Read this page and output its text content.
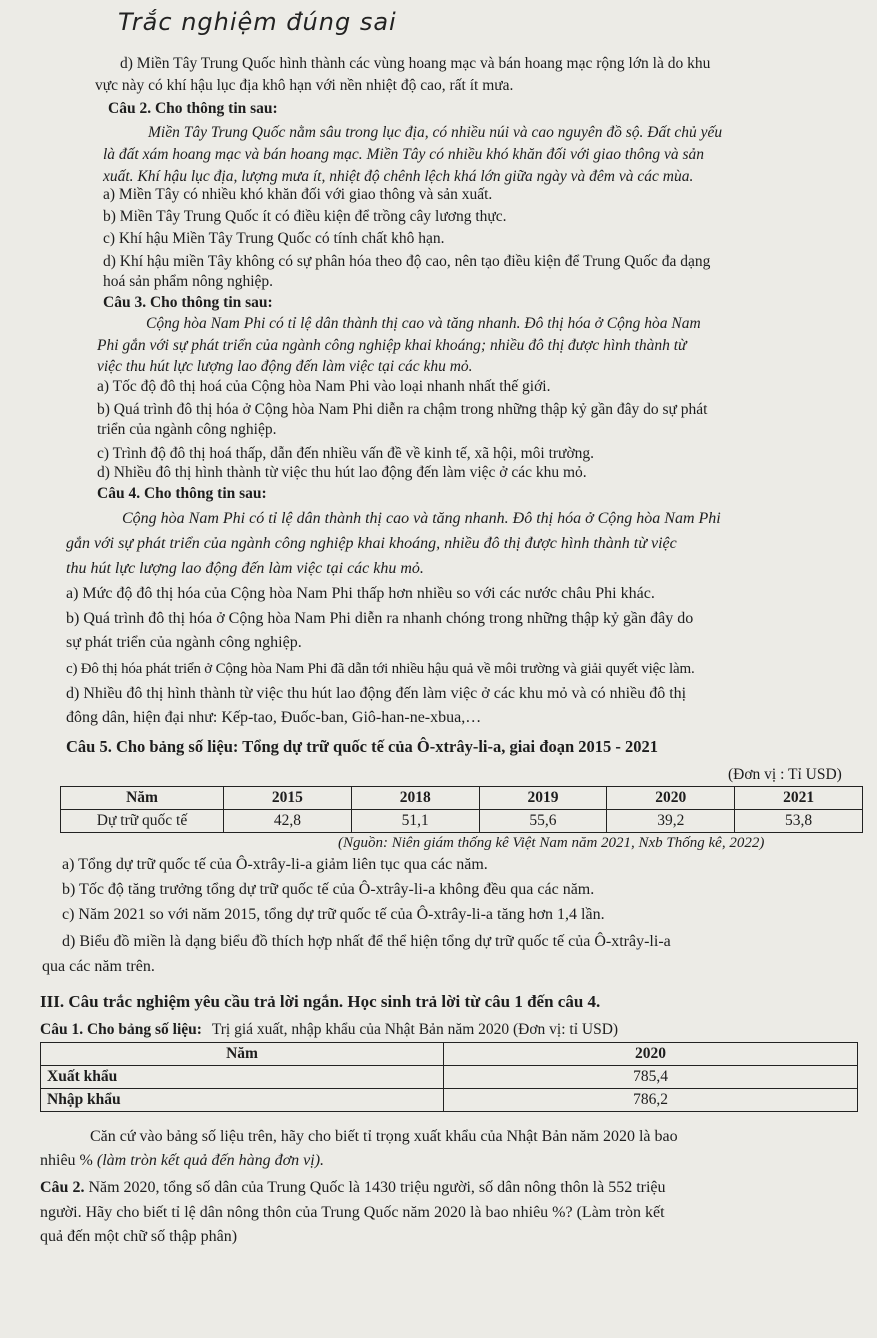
Trắc nghiệm đúng sai
d) Miền Tây Trung Quốc hình thành các vùng hoang mạc và bán hoang mạc rộng lớn là do khu
vực này có khí hậu lục địa khô hạn với nền nhiệt độ cao, rất ít mưa.
Câu 2. Cho thông tin sau:
Miền Tây Trung Quốc nằm sâu trong lục địa, có nhiều núi và cao nguyên đồ sộ. Đất chủ yếu
là đất xám hoang mạc và bán hoang mạc. Miền Tây có nhiều khó khăn đối với giao thông và sản
xuất. Khí hậu lục địa, lượng mưa ít, nhiệt độ chênh lệch khá lớn giữa ngày và đêm và các mùa.
a) Miền Tây có nhiều khó khăn đối với giao thông và sản xuất.
b) Miền Tây Trung Quốc ít có điều kiện để trồng cây lương thực.
c) Khí hậu Miền Tây Trung Quốc có tính chất khô hạn.
d) Khí hậu miền Tây không có sự phân hóa theo độ cao, nên tạo điều kiện để Trung Quốc đa dạng
hoá sản phẩm nông nghiệp.
Câu 3. Cho thông tin sau:
Cộng hòa Nam Phi có tỉ lệ dân thành thị cao và tăng nhanh. Đô thị hóa ở Cộng hòa Nam
Phi gắn với sự phát triển của ngành công nghiệp khai khoáng; nhiều đô thị được hình thành từ
việc thu hút lực lượng lao động đến làm việc tại các khu mỏ.
a) Tốc độ đô thị hoá của Cộng hòa Nam Phi vào loại nhanh nhất thế giới.
b) Quá trình đô thị hóa ở Cộng hòa Nam Phi diễn ra chậm trong những thập kỷ gần đây do sự phát
triển của ngành công nghiệp.
c) Trình độ đô thị hoá thấp, dẫn đến nhiều vấn đề về kinh tế, xã hội, môi trường.
d) Nhiều đô thị hình thành từ việc thu hút lao động đến làm việc ở các khu mỏ.
Câu 4. Cho thông tin sau:
Cộng hòa Nam Phi có tỉ lệ dân thành thị cao và tăng nhanh. Đô thị hóa ở Cộng hòa Nam Phi
gắn với sự phát triển của ngành công nghiệp khai khoáng, nhiều đô thị được hình thành từ việc
thu hút lực lượng lao động đến làm việc tại các khu mỏ.
a) Mức độ đô thị hóa của Cộng hòa Nam Phi thấp hơn nhiều so với các nước châu Phi khác.
b) Quá trình đô thị hóa ở Cộng hòa Nam Phi diễn ra nhanh chóng trong những thập kỷ gần đây do
sự phát triển của ngành công nghiệp.
c) Đô thị hóa phát triển ở Cộng hòa Nam Phi đã dẫn tới nhiều hậu quả về môi trường và giải quyết việc làm.
d) Nhiều đô thị hình thành từ việc thu hút lao động đến làm việc ở các khu mỏ và có nhiều đô thị
đông dân, hiện đại như: Kếp-tao, Đuốc-ban, Giô-han-ne-xbua,…
Câu 5. Cho bảng số liệu: Tổng dự trữ quốc tế của Ô-xtrây-li-a, giai đoạn 2015 - 2021
(Đơn vị : Tỉ USD)
Năm	2015	2018	2019	2020	2021
Dự trữ quốc tế	42,8	51,1	55,6	39,2	53,8
(Nguồn: Niên giám thống kê Việt Nam năm 2021, Nxb Thống kê, 2022)
a) Tổng dự trữ quốc tế của Ô-xtrây-li-a giảm liên tục qua các năm.
b) Tốc độ tăng trưởng tổng dự trữ quốc tế của Ô-xtrây-li-a không đều qua các năm.
c) Năm 2021 so với năm 2015, tổng dự trữ quốc tế của Ô-xtrây-li-a tăng hơn 1,4 lần.
d) Biểu đồ miền là dạng biểu đồ thích hợp nhất để thể hiện tổng dự trữ quốc tế của Ô-xtrây-li-a
qua các năm trên.
III. Câu trắc nghiệm yêu cầu trả lời ngắn. Học sinh trả lời từ câu 1 đến câu 4.
Câu 1. Cho bảng số liệu: Trị giá xuất, nhập khẩu của Nhật Bản năm 2020 (Đơn vị: tỉ USD)
Năm	2020
Xuất khẩu	785,4
Nhập khẩu	786,2
Căn cứ vào bảng số liệu trên, hãy cho biết tỉ trọng xuất khẩu của Nhật Bản năm 2020 là bao
nhiêu % (làm tròn kết quả đến hàng đơn vị).
Câu 2. Năm 2020, tổng số dân của Trung Quốc là 1430 triệu người, số dân nông thôn là 552 triệu
người. Hãy cho biết tỉ lệ dân nông thôn của Trung Quốc năm 2020 là bao nhiêu %? (Làm tròn kết
quả đến một chữ số thập phân)
